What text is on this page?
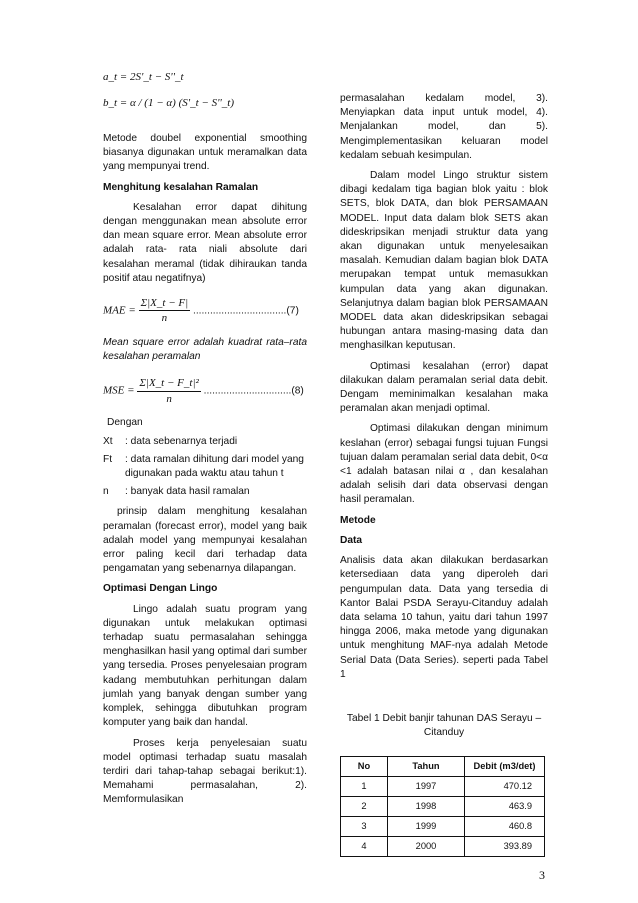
a_t = 2S'_t − S''_t
b_t = α / (1 − α) (S'_t − S''_t)

Metode doubel exponential smoothing biasanya digunakan untuk meramalkan data yang mempunyai trend.

Menghitung kesalahan Ramalan

Kesalahan error dapat dihitung dengan menggunakan mean absolute error dan mean square error. Mean absolute error adalah rata- rata niali absolute dari kesalahan meramal (tidak dihiraukan tanda positif atau negatifnya)

MAE = $\frac{\Sigma|X\_t - F|}{n} .................................(7)$

Mean square error adalah kuadrat rata–rata kesalahan peramalan

MSE = $\frac{\text{Σ|X\_t − F\_t|²}}{n} ...............................(8)$

Dengan

Xt	: data sebenarnya terjadi
Ft	: data ramalan dihitung dari model yang digunakan pada waktu atau tahun t
n	: banyak data hasil ramalan

prinsip dalam menghitung kesalahan peramalan (forecast error), model yang baik adalah model yang mempunyai kesalahan error paling kecil dari terhadap data pengamatan yang sebenarnya dilapangan.

Optimasi Dengan Lingo

Lingo adalah suatu program yang digunakan untuk melakukan optimasi terhadap suatu permasalahan sehingga menghasilkan hasil yang optimal dari sumber yang tersedia. Proses penyelesaian program kadang membutuhkan perhitungan dalam jumlah yang banyak dengan sumber yang komplek, sehingga dibutuhkan program komputer yang baik dan handal.

Proses kerja penyelesaian suatu model optimasi terhadap suatu masalah terdiri dari tahap-tahap sebagai berikut:1). Memahami permasalahan, 2). Memformulasikan

permasalahan kedalam model, 3). Menyiapkan data input untuk model, 4). Menjalankan model, dan 5). Mengimplementasikan keluaran model kedalam sebuah kesimpulan.

Dalam model Lingo struktur sistem dibagi kedalam tiga bagian blok yaitu : blok SETS, blok DATA, dan blok PERSAMAAN MODEL. Input data dalam blok SETS akan dideskripsikan menjadi struktur data yang akan digunakan untuk menyelesaikan masalah. Kemudian dalam bagian blok DATA merupakan tempat untuk memasukkan kumpulan data yang akan digunakan. Selanjutnya dalam bagian blok PERSAMAAN MODEL data akan dideskripsikan sebagai hubungan antara masing-masing data dan menghasilkan keputusan.

Optimasi kesalahan (error) dapat dilakukan dalam peramalan serial data debit. Dengam meminimalkan kesalahan maka peramalan akan menjadi optimal.

Optimasi dilakukan dengan minimum keslahan (error) sebagai fungsi tujuan Fungsi tujuan dalam peramalan serial data debit, 0<α <1 adalah batasan nilai α , dan kesalahan adalah selisih dari data observasi dengan hasil peramalan.

Metode

Data

Analisis data akan dilakukan berdasarkan ketersediaan data yang diperoleh dari pengumpulan data. Data yang tersedia di Kantor Balai PSDA Serayu-Citanduy adalah data selama 10 tahun, yaitu dari tahun 1997 hingga 2006, maka metode yang digunakan untuk menghitung MAF-nya adalah Metode Serial Data (Data Series). seperti pada Tabel 1

Tabel 1 Debit banjir tahunan DAS Serayu – Citanduy
No	Tahun	Debit (m3/det)
1	1997	470.12
2	1998	463.9
3	1999	460.8
4	2000	393.89
3
